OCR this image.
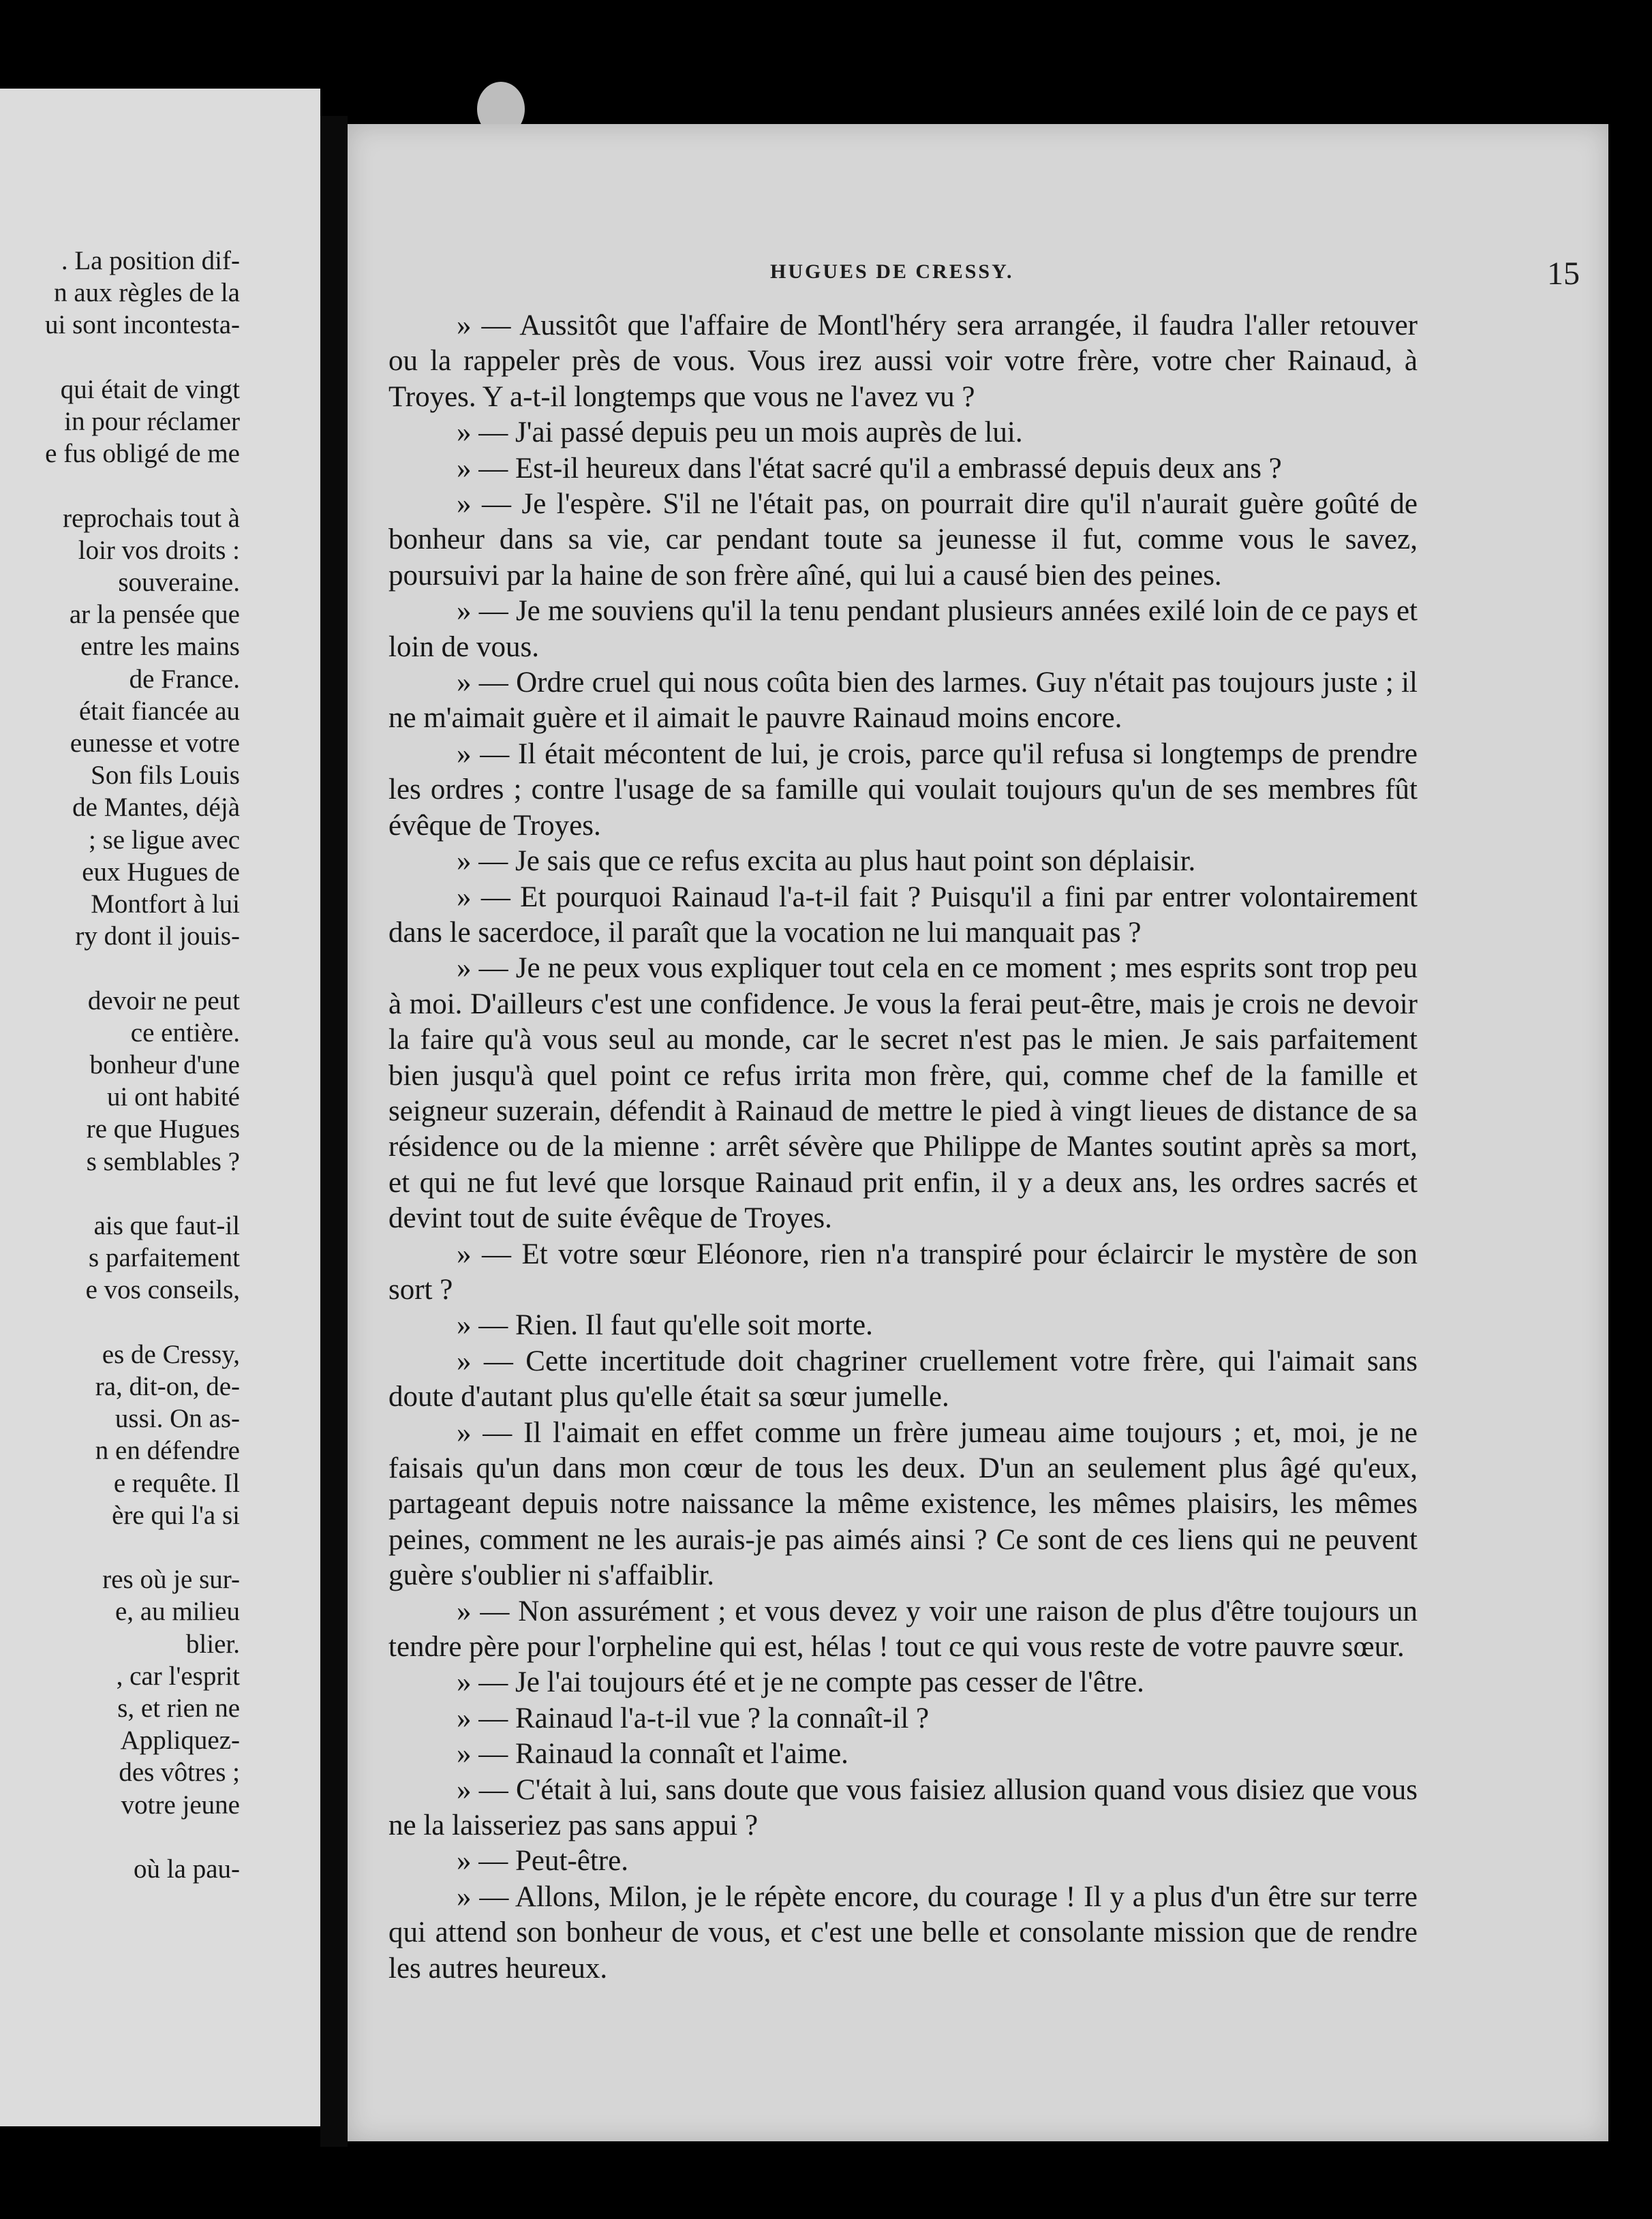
. La position dif-
n aux règles de la
ui sont incontesta-
qui était de vingt
in pour réclamer
e fus obligé de me
reprochais tout à
loir vos droits :
souveraine.
ar la pensée que
entre les mains
de France.
était fiancée au
eunesse et votre
Son fils Louis
de Mantes, déjà
; se ligue avec
eux Hugues de
Montfort à lui
ry dont il jouis-
devoir ne peut
ce entière.
bonheur d'une
ui ont habité
re que Hugues
s semblables ?
ais que faut-il
s parfaitement
e vos conseils,
es de Cressy,
ra, dit-on, de-
ussi. On as-
n en défendre
e requête. Il
ère qui l'a si
res où je sur-
e, au milieu
blier.
, car l'esprit
s, et rien ne
Appliquez-
des vôtres ;
votre jeune
où la pau-
HUGUES DE CRESSY.	15

» — Aussitôt que l'affaire de Montl'héry sera arrangée, il faudra l'aller retouver ou la rappeler près de vous. Vous irez aussi voir votre frère, votre cher Rainaud, à Troyes. Y a-t-il longtemps que vous ne l'avez vu ?

» — J'ai passé depuis peu un mois auprès de lui.

» — Est-il heureux dans l'état sacré qu'il a embrassé depuis deux ans ?

» — Je l'espère. S'il ne l'était pas, on pourrait dire qu'il n'aurait guère goûté de bonheur dans sa vie, car pendant toute sa jeunesse il fut, comme vous le savez, poursuivi par la haine de son frère aîné, qui lui a causé bien des peines.

» — Je me souviens qu'il la tenu pendant plusieurs années exilé loin de ce pays et loin de vous.

» — Ordre cruel qui nous coûta bien des larmes. Guy n'était pas toujours juste ; il ne m'aimait guère et il aimait le pauvre Rainaud moins encore.

» — Il était mécontent de lui, je crois, parce qu'il refusa si longtemps de prendre les ordres ; contre l'usage de sa famille qui voulait toujours qu'un de ses membres fût évêque de Troyes.

» — Je sais que ce refus excita au plus haut point son déplaisir.

» — Et pourquoi Rainaud l'a-t-il fait ? Puisqu'il a fini par entrer volontairement dans le sacerdoce, il paraît que la vocation ne lui manquait pas ?

» — Je ne peux vous expliquer tout cela en ce moment ; mes esprits sont trop peu à moi. D'ailleurs c'est une confidence. Je vous la ferai peut-être, mais je crois ne devoir la faire qu'à vous seul au monde, car le secret n'est pas le mien. Je sais parfaitement bien jusqu'à quel point ce refus irrita mon frère, qui, comme chef de la famille et seigneur suzerain, défendit à Rainaud de mettre le pied à vingt lieues de distance de sa résidence ou de la mienne : arrêt sévère que Philippe de Mantes soutint après sa mort, et qui ne fut levé que lorsque Rainaud prit enfin, il y a deux ans, les ordres sacrés et devint tout de suite évêque de Troyes.

» — Et votre sœur Eléonore, rien n'a transpiré pour éclaircir le mystère de son sort ?

» — Rien. Il faut qu'elle soit morte.

» — Cette incertitude doit chagriner cruellement votre frère, qui l'aimait sans doute d'autant plus qu'elle était sa sœur jumelle.

» — Il l'aimait en effet comme un frère jumeau aime toujours ; et, moi, je ne faisais qu'un dans mon cœur de tous les deux. D'un an seulement plus âgé qu'eux, partageant depuis notre naissance la même existence, les mêmes plaisirs, les mêmes peines, comment ne les aurais-je pas aimés ainsi ? Ce sont de ces liens qui ne peuvent guère s'oublier ni s'affaiblir.

» — Non assurément ; et vous devez y voir une raison de plus d'être toujours un tendre père pour l'orpheline qui est, hélas ! tout ce qui vous reste de votre pauvre sœur.

» — Je l'ai toujours été et je ne compte pas cesser de l'être.

» — Rainaud l'a-t-il vue ? la connaît-il ?

» — Rainaud la connaît et l'aime.

» — C'était à lui, sans doute que vous faisiez allusion quand vous disiez que vous ne la laisseriez pas sans appui ?

» — Peut-être.

» — Allons, Milon, je le répète encore, du courage ! Il y a plus d'un être sur terre qui attend son bonheur de vous, et c'est une belle et consolante mission que de rendre les autres heureux.
